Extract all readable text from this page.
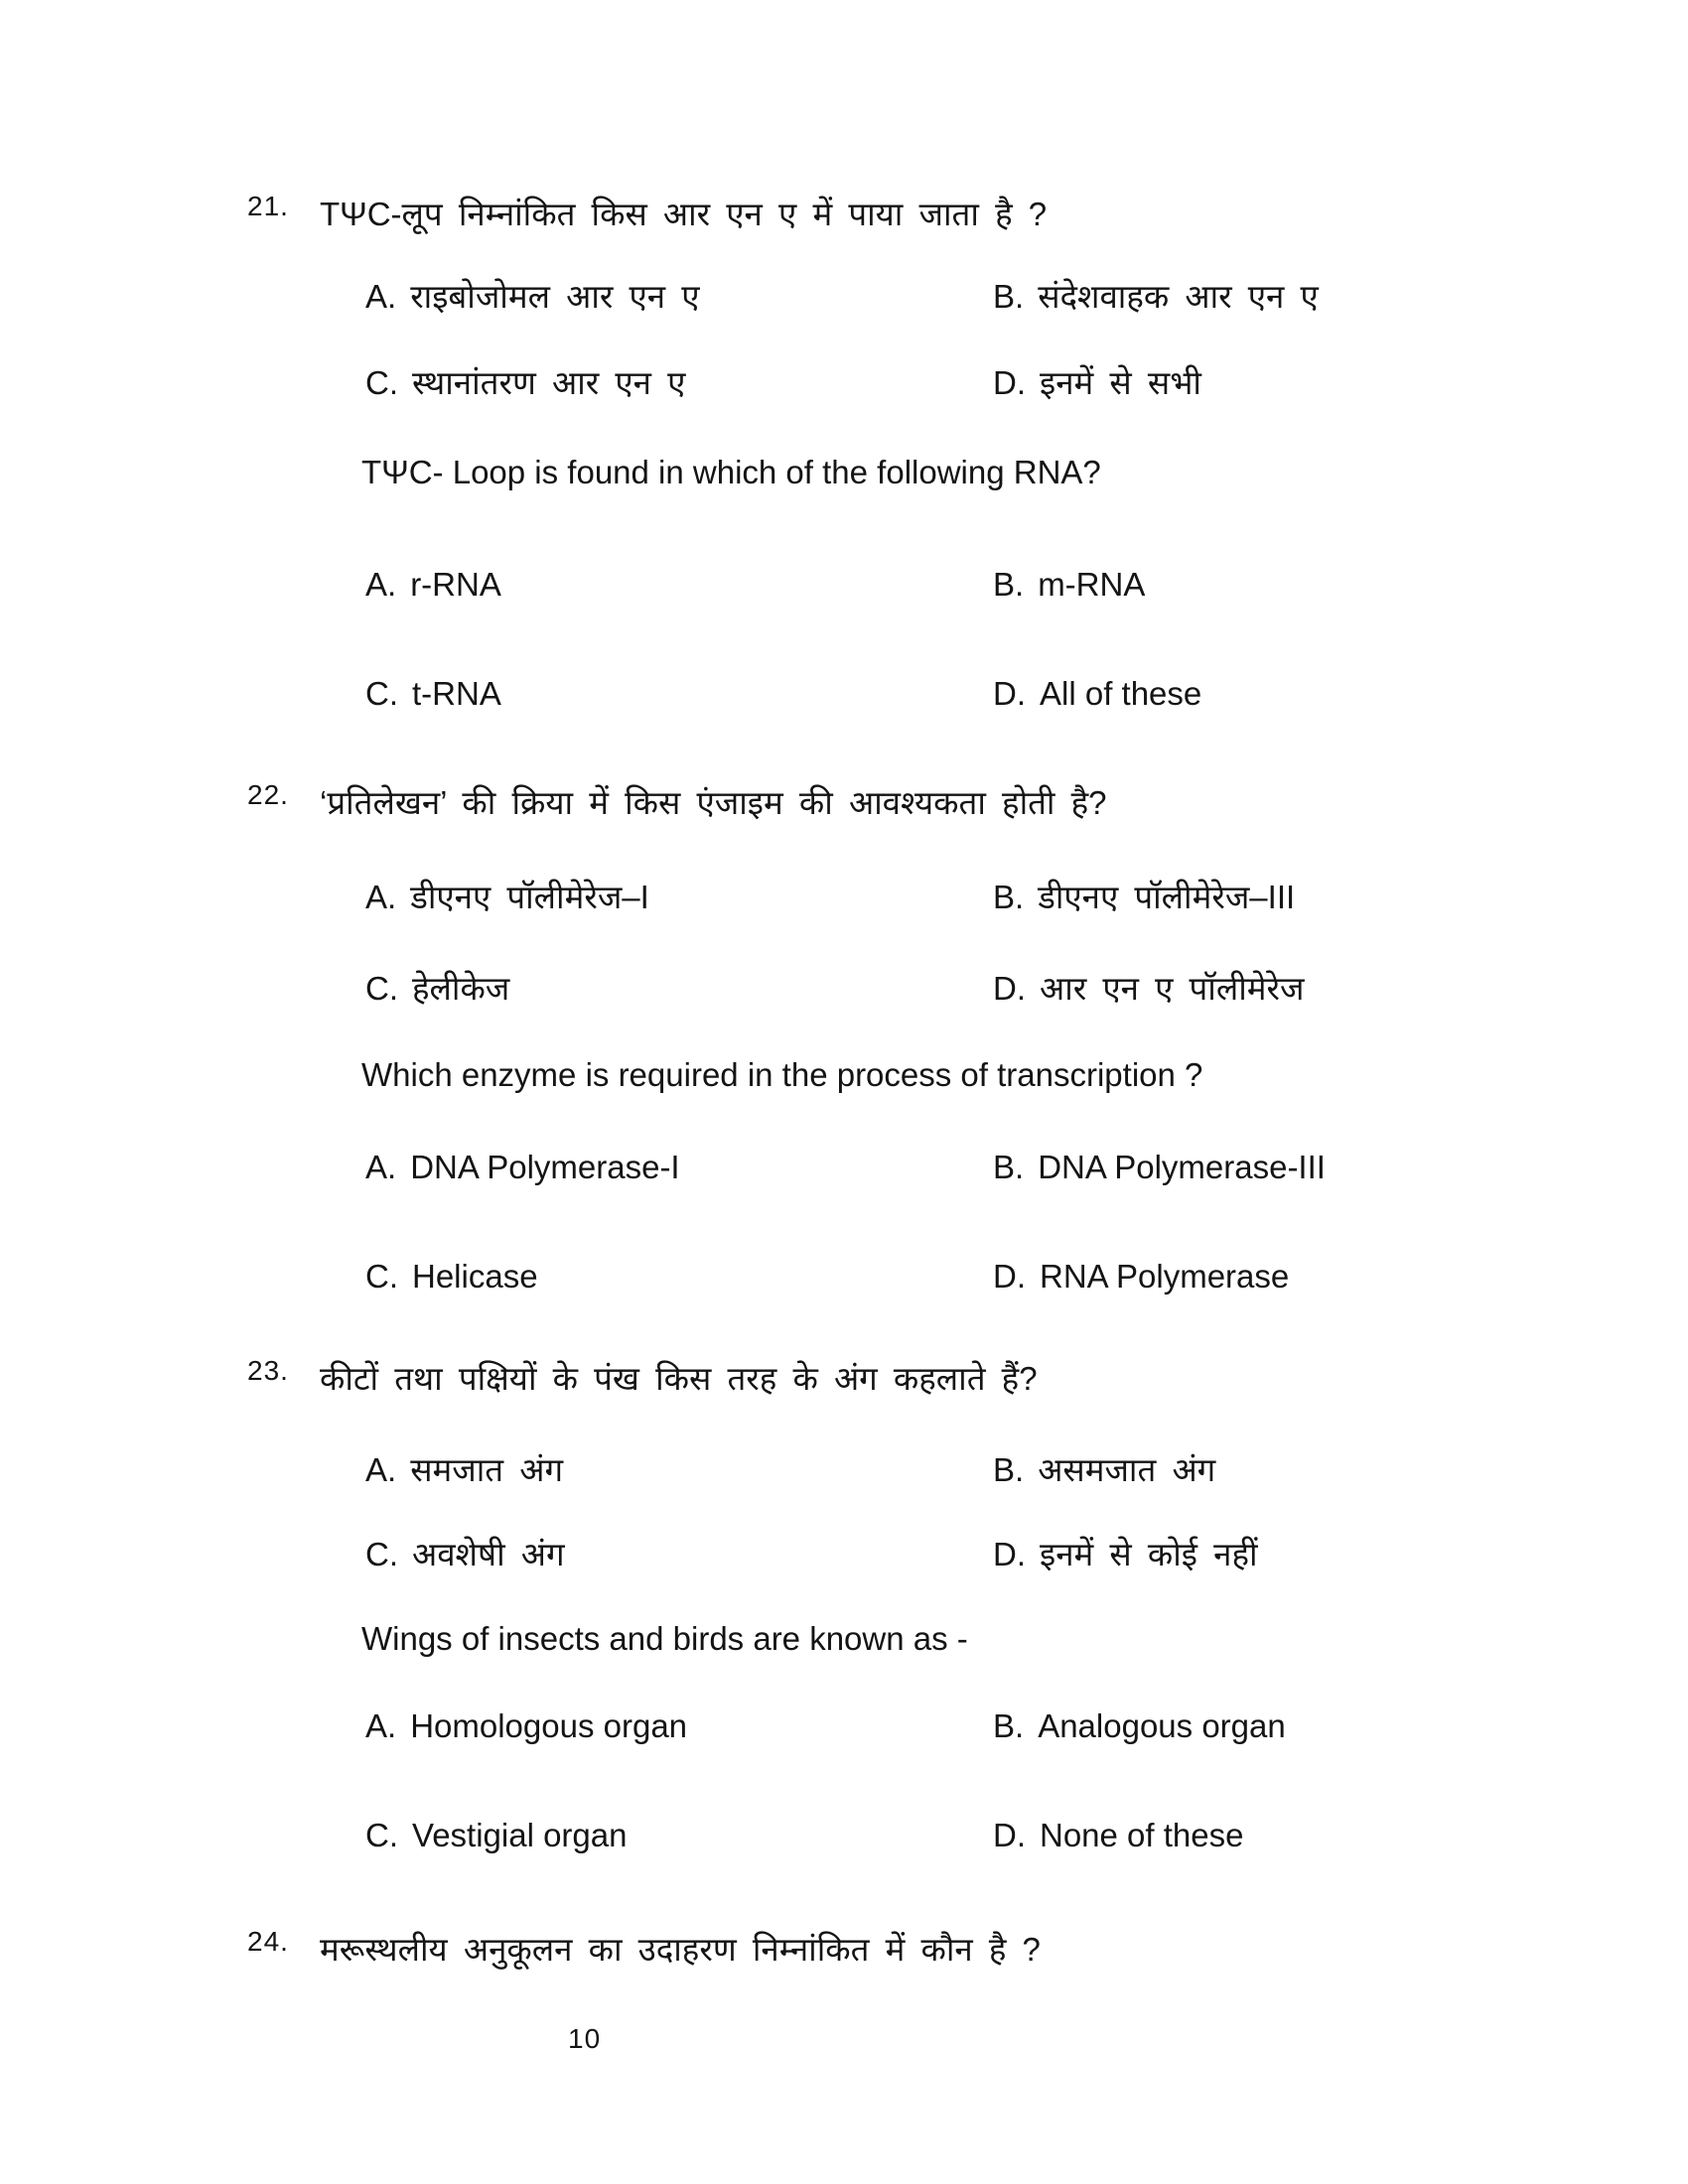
21. TΨC-लूप निम्नांकित किस आर एन ए में पाया जाता है ?
A. राइबोजोमल आर एन ए	B. संदेशवाहक आर एन ए
C. स्थानांतरण आर एन ए	D. इनमें से सभी
TΨC- Loop is found in which of the following RNA?
A. r-RNA	B. m-RNA
C. t-RNA	D. All of these
22. ‘प्रतिलेखन’ की क्रिया में किस एंजाइम की आवश्यकता होती है?
A. डीएनए पॉलीमेरेज–I	B. डीएनए पॉलीमेरेज–III
C. हेलीकेज	D. आर एन ए पॉलीमेरेज
Which enzyme is required in the process of transcription ?
A. DNA Polymerase-I	B. DNA Polymerase-III
C. Helicase	D. RNA Polymerase
23. कीटों तथा पक्षियों के पंख किस तरह के अंग कहलाते हैं?
A. समजात अंग	B. असमजात अंग
C. अवशेषी अंग	D. इनमें से कोई नहीं
Wings of insects and birds are known as -
A. Homologous organ	B. Analogous organ
C. Vestigial organ	D. None of these
24. मरूस्थलीय अनुकूलन का उदाहरण निम्नांकित में कौन है ?
10
